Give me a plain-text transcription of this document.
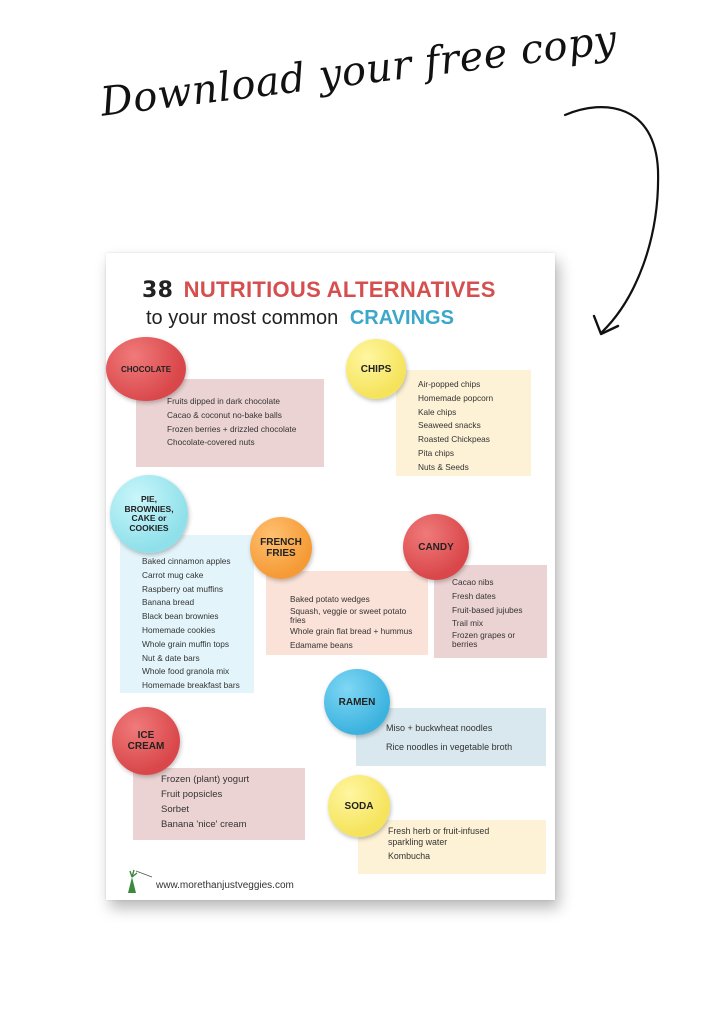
Download your free copy
38 NUTRITIOUS ALTERNATIVES
to your most common CRAVINGS
Fruits dipped in dark chocolate
Cacao & coconut no-bake balls
Frozen berries + drizzled chocolate
Chocolate-covered nuts
CHOCOLATE
Air-popped chips
Homemade popcorn
Kale chips
Seaweed snacks
Roasted Chickpeas
Pita chips
Nuts & Seeds
CHIPS
Baked cinnamon apples
Carrot mug cake
Raspberry oat muffins
Banana bread
Black bean brownies
Homemade cookies
Whole grain muffin tops
Nut & date bars
Whole food granola mix
Homemade breakfast bars
PIE,
BROWNIES,
CAKE or
COOKIES
Baked potato wedges
Squash, veggie or sweet potato
fries
Whole grain flat bread + hummus
Edamame beans
FRENCH
FRIES
Cacao nibs
Fresh dates
Fruit-based jujubes
Trail mix
Frozen grapes or
berries
CANDY
Miso + buckwheat noodles
Rice noodles in vegetable broth
RAMEN
Frozen (plant) yogurt
Fruit popsicles
Sorbet
Banana 'nice' cream
ICE
CREAM
Fresh herb or fruit-infused
sparkling water
Kombucha
SODA
www.morethanjustveggies.com
